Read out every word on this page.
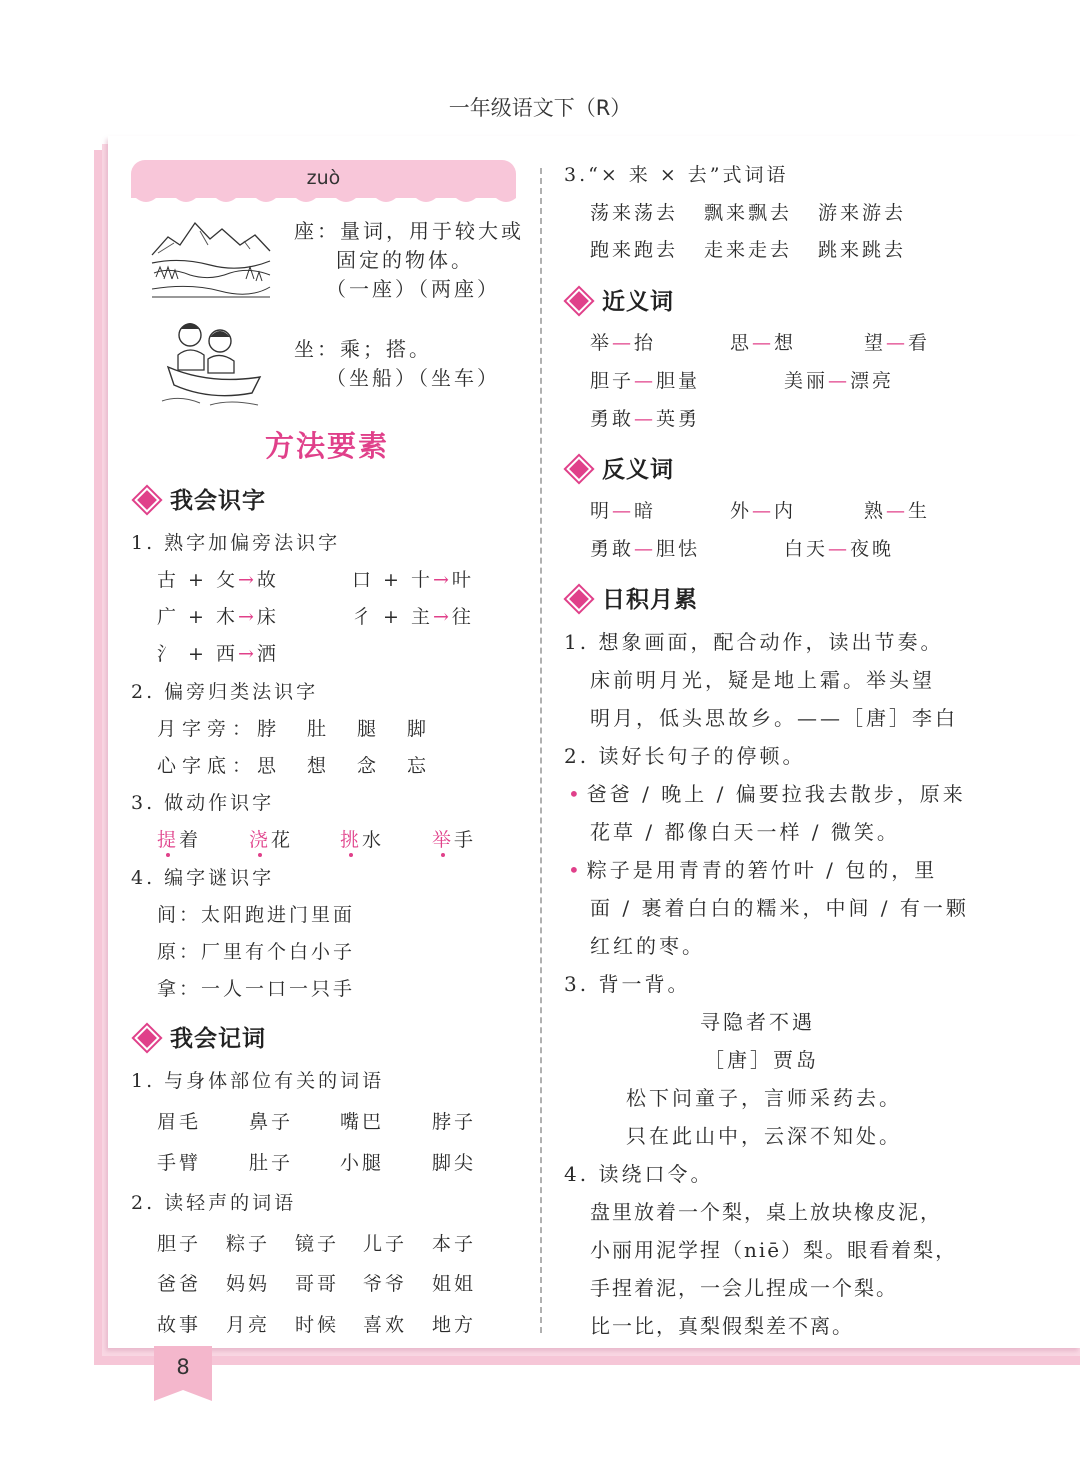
一年级语文下（R）
8
zuò
座：量词，用于较大或
固定的物体。
（一座）（两座）
坐：乘；搭。
（坐船）（坐车）
方法要素
我会识字
1. 熟字加偏旁法识字
古 + 攵→故	口 + 十→叶
广 + 木→床	彳 + 主→往
氵 + 西→洒
2. 偏旁归类法识字
月字旁：脖　肚　腿　脚
心字底：思　想　念　忘
3. 做动作识字
提着	浇花 挑水	举手
4. 编字谜识字
间：太阳跑进门里面
原：厂里有个白小子
拿：一人一口一只手
我会记词
1. 与身体部位有关的词语
眉毛	鼻子 嘴巴	脖子
手臂	肚子 小腿	脚尖
2. 读轻声的词语
胆子 粽子 镜子 儿子 本子
爸爸 妈妈 哥哥 爷爷 姐姐
故事 月亮 时候 喜欢 地方
3.“× 来 × 去”式词语
荡来荡去 飘来飘去 游来游去
跑来跑去 走来走去 跳来跳去
近义词
举—抬	思—想	望—看
胆子—胆量	美丽—漂亮
勇敢—英勇
反义词
明—暗	外—内	熟—生
勇敢—胆怯	白天—夜晚
日积月累
1. 想象画面，配合动作，读出节奏。
床前明月光，疑是地上霜。举头望
明月，低头思故乡。——［唐］李白
2. 读好长句子的停顿。
• 爸爸 / 晚上 / 偏要拉我去散步，原来
花草 / 都像白天一样 / 微笑。
• 粽子是用青青的箬竹叶 / 包的，里
面 / 裹着白白的糯米，中间 / 有一颗
红红的枣。
3. 背一背。
寻隐者不遇
［唐］贾岛
松下问童子，言师采药去。
只在此山中，云深不知处。
4. 读绕口令。
盘里放着一个梨，桌上放块橡皮泥，
小丽用泥学捏（niē）梨。眼看着梨，
手捏着泥，一会儿捏成一个梨。
比一比，真梨假梨差不离。
